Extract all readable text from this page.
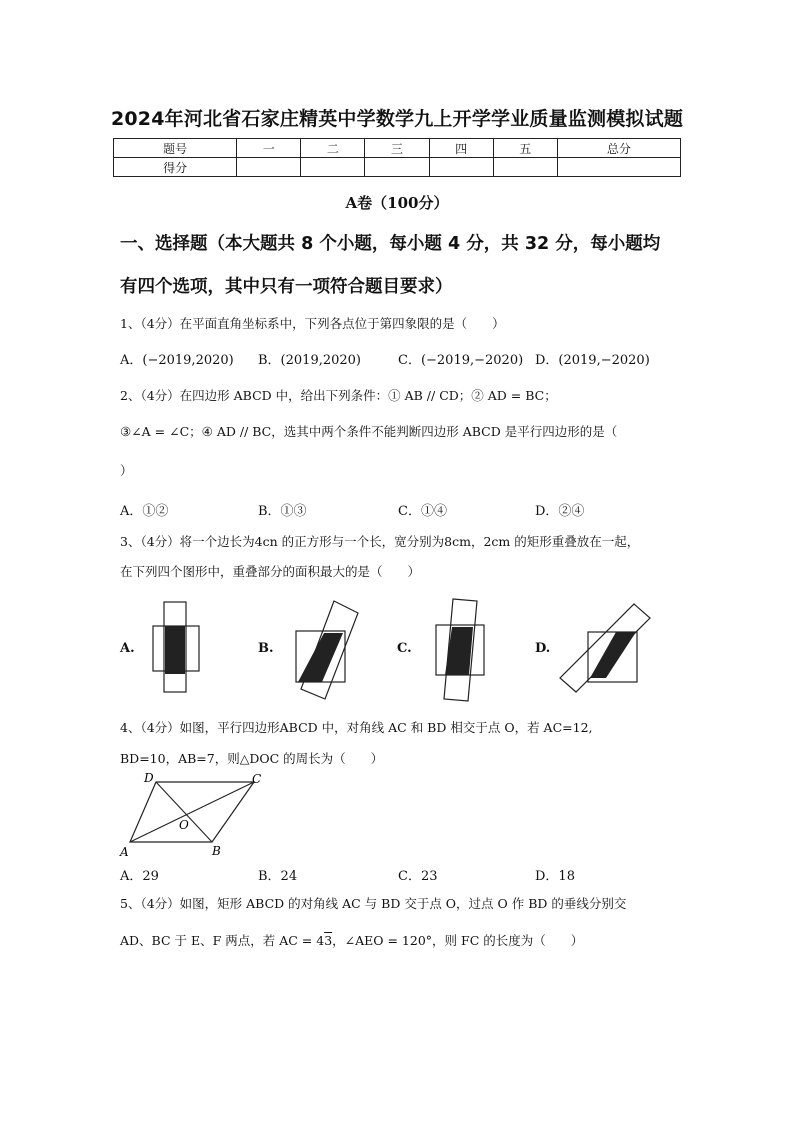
2024年河北省石家庄精英中学数学九上开学学业质量监测模拟试题
题号	一	二	三	四	五	总分
得分						
A卷（100分）
一、选择题（本大题共 8 个小题，每小题 4 分，共 32 分，每小题均
有四个选项，其中只有一项符合题目要求）
1、（4分）在平面直角坐标系中，下列各点位于第四象限的是（　　）
A．(−2019,2020) B．(2019,2020)	C．(−2019,−2020) D．(2019,−2020)
2、（4分）在四边形 ABCD 中，给出下列条件：① AB // CD；② AD = BC；
③∠A = ∠C；④ AD // BC，选其中两个条件不能判断四边形 ABCD 是平行四边形的是（
）
A．①②	B．①③	C．①④	D．②④
3、（4分）将一个边长为4cn 的正方形与一个长，宽分别为8cm，2cm 的矩形重叠放在一起，
在下列四个图形中，重叠部分的面积最大的是（　　）
A.	B.	C.	D.
4、（4分）如图，平行四边形ABCD 中，对角线 AC 和 BD 相交于点 O，若 AC=12,
BD=10，AB=7，则△DOC 的周长为（　　）
D	C
O
A	B
A．29	B．24	C．23	D．18
5、（4分）如图，矩形 ABCD 的对角线 AC 与 BD 交于点 O，过点 O 作 BD 的垂线分别交
AD、BC 于 E、F 两点，若 AC = 43，∠AEO = 120°，则 FC 的长度为（　　）
